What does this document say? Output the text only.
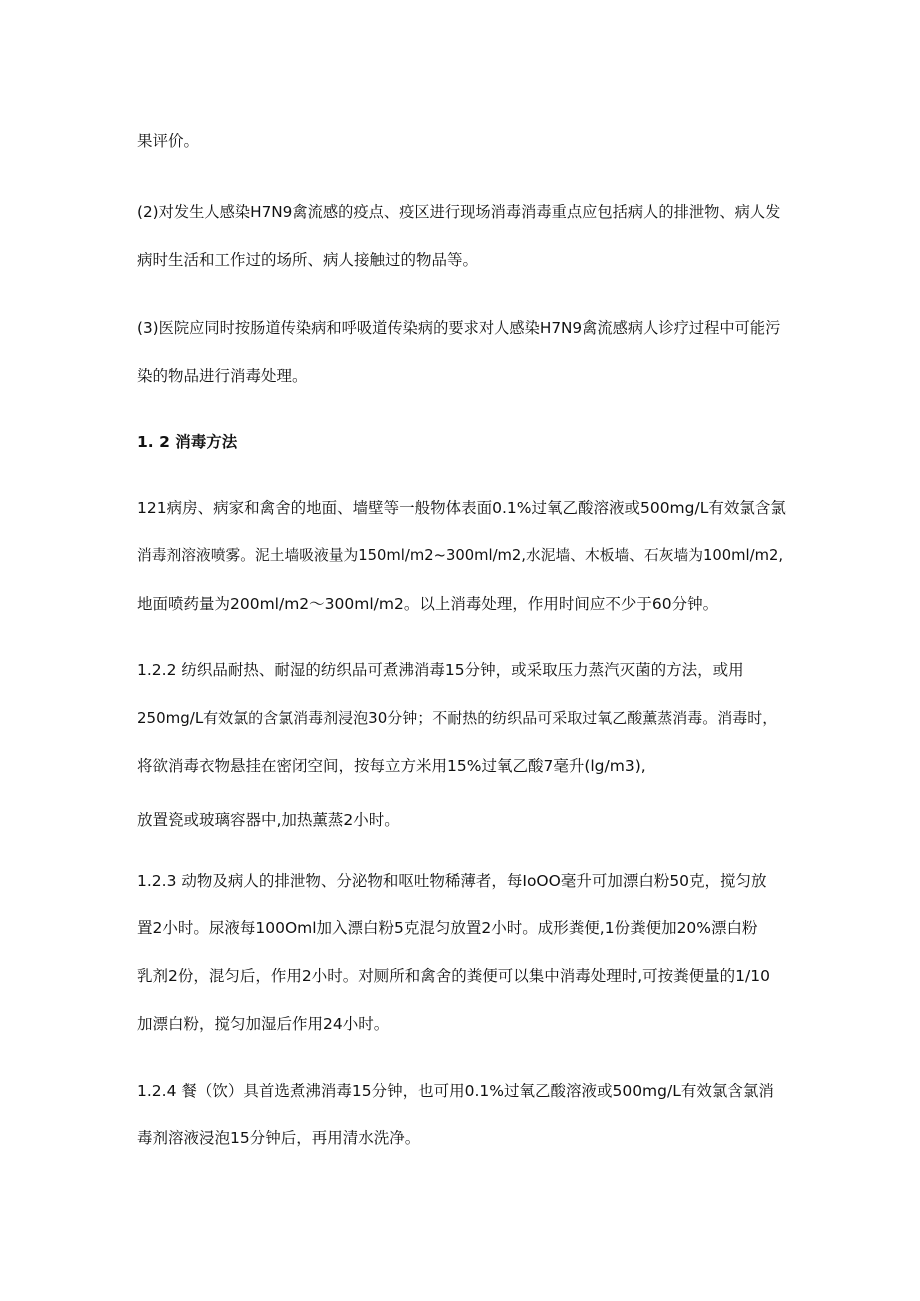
果评价。

(2)对发生人感染H7N9禽流感的疫点、疫区进行现场消毒消毒重点应包括病人的排泄物、病人发

病时生活和工作过的场所、病人接触过的物品等。

(3)医院应同时按肠道传染病和呼吸道传染病的要求对人感染H7N9禽流感病人诊疗过程中可能污

染的物品进行消毒处理。

1. 2 消毒方法

121病房、病家和禽舍的地面、墙壁等一般物体表面0.1%过氧乙酸溶液或500mg/L有效氯含氯

消毒剂溶液喷雾。泥土墙吸液量为150ml/m2~300ml/m2,水泥墙、木板墙、石灰墙为100ml/m2,

地面喷药量为200ml/m2～300ml/m2。以上消毒处理，作用时间应不少于60分钟。

1.2.2 纺织品耐热、耐湿的纺织品可煮沸消毒15分钟，或采取压力蒸汽灭菌的方法，或用

250mg/L有效氯的含氯消毒剂浸泡30分钟；不耐热的纺织品可采取过氧乙酸薰蒸消毒。消毒时，

将欲消毒衣物悬挂在密闭空间，按每立方米用15%过氧乙酸7毫升(lg/m3),

放置瓷或玻璃容器中,加热薰蒸2小时。

1.2.3 动物及病人的排泄物、分泌物和呕吐物稀薄者，每IoOO毫升可加漂白粉50克，搅匀放

置2小时。尿液每100Oml加入漂白粉5克混匀放置2小时。成形粪便,1份粪便加20%漂白粉

乳剂2份，混匀后，作用2小时。对厕所和禽舍的粪便可以集中消毒处理时,可按粪便量的1/10

加漂白粉，搅匀加湿后作用24小时。

1.2.4 餐（饮）具首选煮沸消毒15分钟，也可用0.1%过氧乙酸溶液或500mg/L有效氯含氯消

毒剂溶液浸泡15分钟后，再用清水洗净。
